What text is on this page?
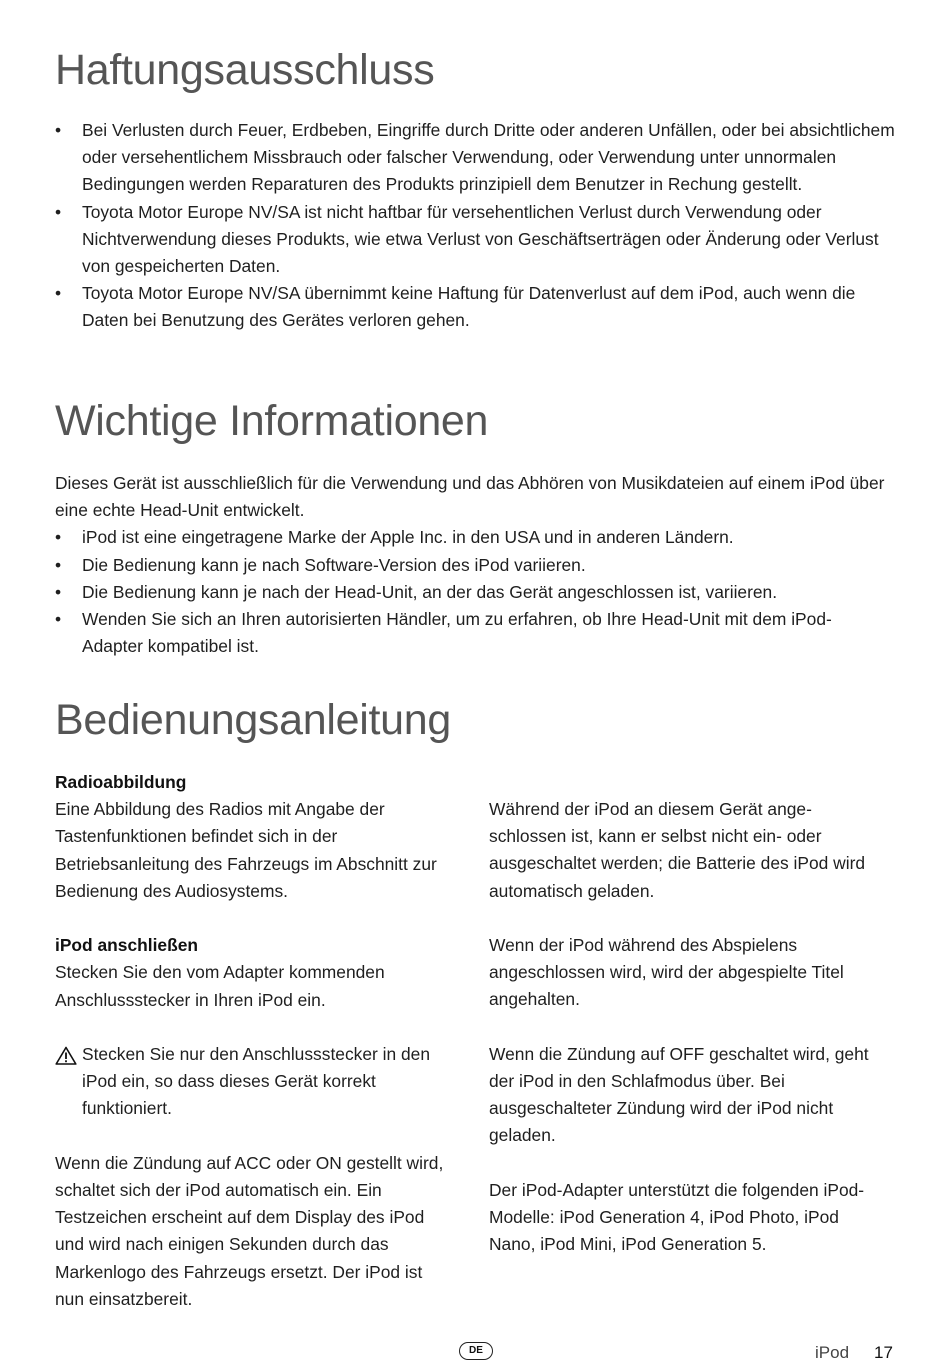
Haftungsausschluss
• Bei Verlusten durch Feuer, Erdbeben, Eingriffe durch Dritte oder anderen Unfällen, oder bei absichtlichem oder versehentlichem Missbrauch oder falscher Verwendung, oder Verwendung unter unnormalen Bedingungen werden Reparaturen des Produkts prinzipiell dem Benutzer in Rechung gestellt.
• Toyota Motor Europe NV/SA ist nicht haftbar für versehentlichen Verlust durch Verwendung oder Nichtverwendung dieses Produkts, wie etwa Verlust von Geschäftserträgen oder Änderung oder Verlust von gespeicherten Daten.
• Toyota Motor Europe NV/SA übernimmt keine Haftung für Datenverlust auf dem iPod, auch wenn die Daten bei Benutzung des Gerätes verloren gehen.
Wichtige Informationen
Dieses Gerät ist ausschließlich für die Verwendung und das Abhören von Musikdateien auf einem iPod über eine echte Head-Unit entwickelt.
• iPod ist eine eingetragene Marke der Apple Inc. in den USA und in anderen Ländern.
• Die Bedienung kann je nach Software-Version des iPod variieren.
• Die Bedienung kann je nach der Head-Unit, an der das Gerät angeschlossen ist, variieren.
• Wenden Sie sich an Ihren autorisierten Händler, um zu erfahren, ob Ihre Head-Unit mit dem iPod-Adapter kompatibel ist.
Bedienungsanleitung
Radioabbildung

Eine Abbildung des Radios mit Angabe der Tastenfunktionen befindet sich in der Betriebsanleitung des Fahrzeugs im Abschnitt zur Bedienung des Audiosystems.

iPod anschließen

Stecken Sie den vom Adapter kommenden Anschlussstecker in Ihren iPod ein.

Stecken Sie nur den Anschlussstecker in den iPod ein, so dass dieses Gerät korrekt funktioniert.

Wenn die Zündung auf ACC oder ON gestellt wird, schaltet sich der iPod automatisch ein. Ein Testzeichen erscheint auf dem Display des iPod und wird nach einigen Sekunden durch das Markenlogo des Fahrzeugs ersetzt. Der iPod ist nun einsatzbereit.

Während der iPod an diesem Gerät ange-schlossen ist, kann er selbst nicht ein- oder ausgeschaltet werden; die Batterie des iPod wird automatisch geladen.

Wenn der iPod während des Abspielens angeschlossen wird, wird der abgespielte Titel angehalten.

Wenn die Zündung auf OFF geschaltet wird, geht der iPod in den Schlafmodus über. Bei ausgeschalteter Zündung wird der iPod nicht geladen.

Der iPod-Adapter unterstützt die folgenden iPod-Modelle: iPod Generation 4, iPod Photo, iPod Nano, iPod Mini, iPod Generation 5.

DE	iPod 17
